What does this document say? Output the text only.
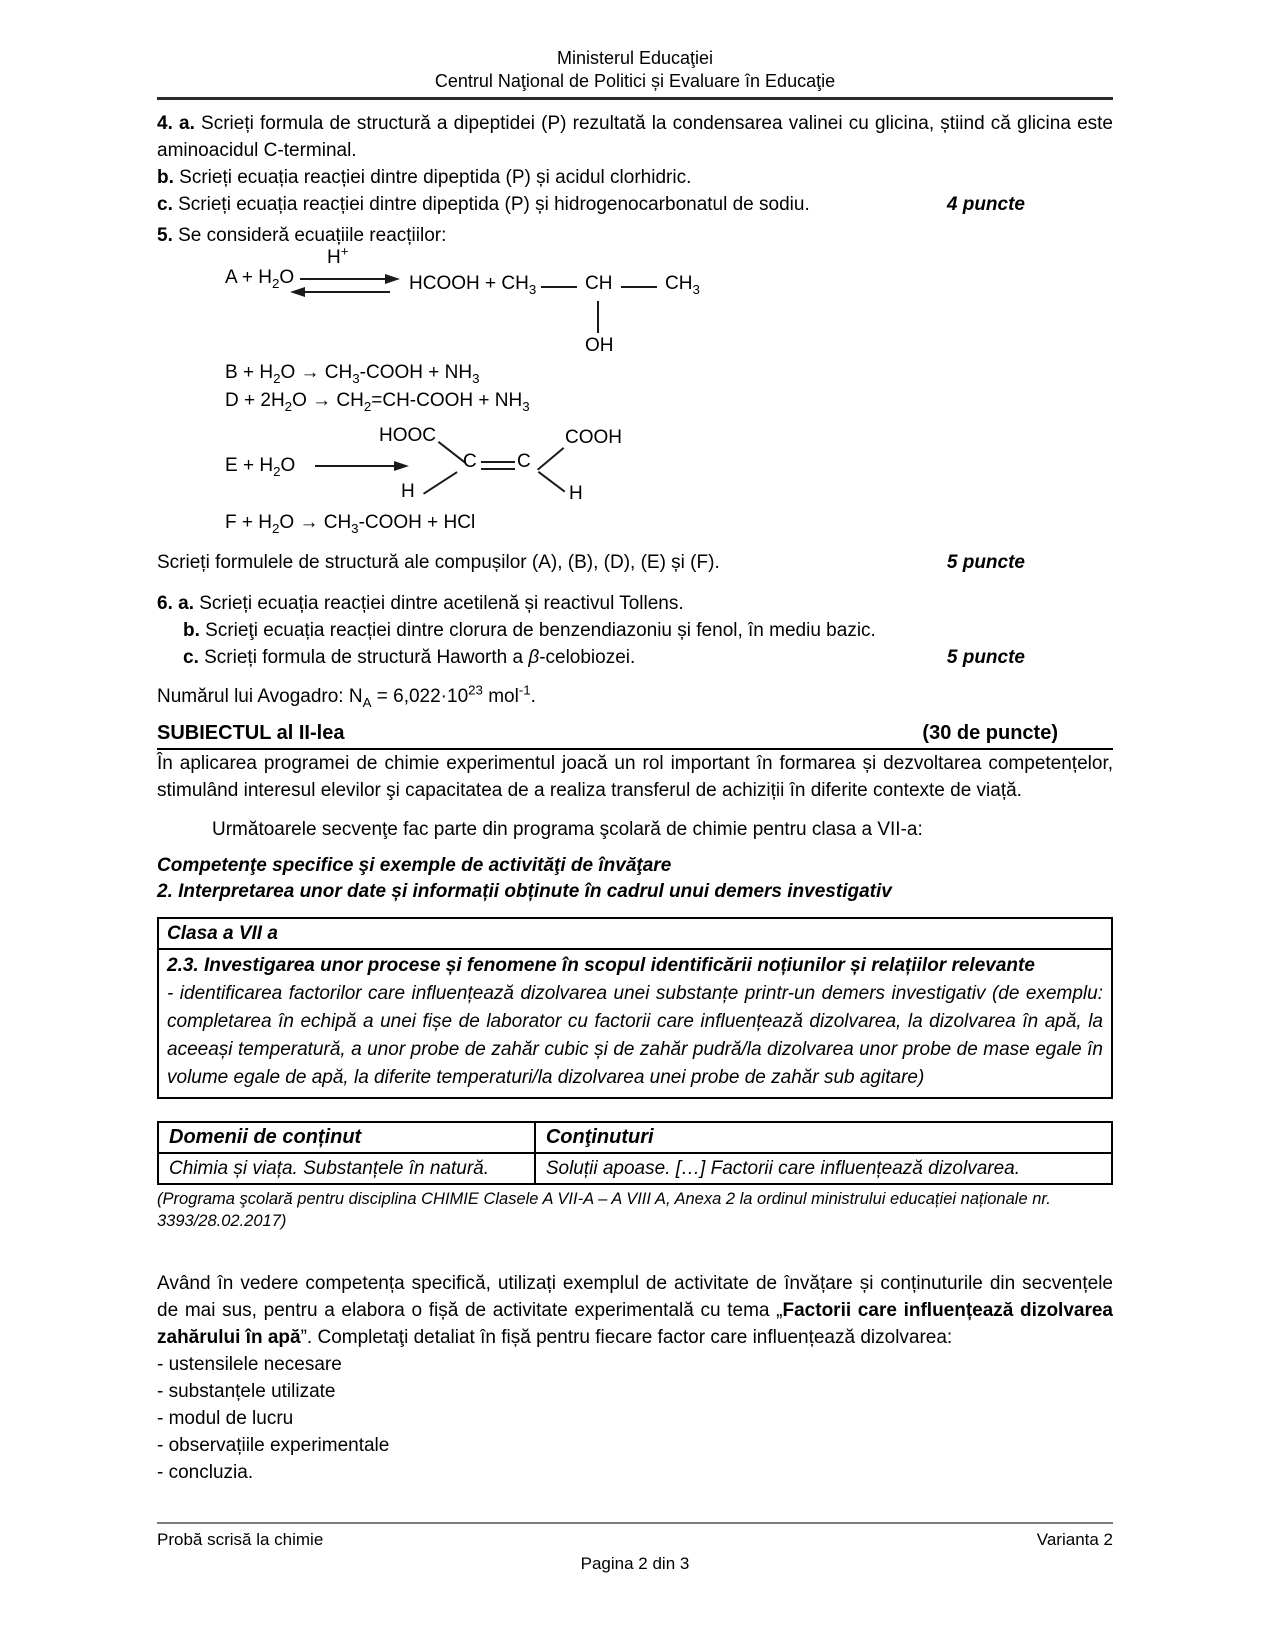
Ministerul Educaţiei
Centrul Naţional de Politici și Evaluare în Educaţie

4. a. Scrieți formula de structură a dipeptidei (P) rezultată la condensarea valinei cu glicina, știind că glicina este aminoacidul C-terminal.

b. Scrieți ecuația reacției dintre dipeptida (P) și acidul clorhidric.

c. Scrieți ecuația reacției dintre dipeptida (P) și hidrogenocarbonatul de sodiu.	4 puncte

5. Se consideră ecuațiile reacțiilor:

$A + H_2O$
H+
HCOOH + $CH_3$	CH	$CH_3$
OH

$B + H_2O$ → $CH_3$-COOH + $NH_3$

$D + 2H_2O$ → $CH_2=CH$-COOH + $NH_3$

$E + H_2O$
HOOC	COOH
C C
H	H

$F + H_2O$ → $CH_3$-COOH + HCl

Scrieți formulele de structură ale compușilor (A), (B), (D), (E) și (F).	5 puncte

6. a. Scrieți ecuația reacției dintre acetilenă și reactivul Tollens.

b. Scrieţi ecuația reacției dintre clorura de benzendiazoniu și fenol, în mediu bazic.

c. Scrieți formula de structură Haworth a β-celobiozei.	5 puncte

Numărul lui Avogadro: $N_A = 6,022\cdot 10^{23}$ mol$^{-1}$.

SUBIECTUL al II-lea	(30 de puncte)

În aplicarea programei de chimie experimentul joacă un rol important în formarea și dezvoltarea competențelor, stimulând interesul elevilor şi capacitatea de a realiza transferul de achiziții în diferite contexte de viață.

Următoarele secvenţe fac parte din programa şcolară de chimie pentru clasa a VII-a:

Competenţe specifice şi exemple de activităţi de învăţare

2. Interpretarea unor date și informații obținute în cadrul unui demers investigativ

Clasa a VII a

2.3. Investigarea unor procese și fenomene în scopul identificării noțiunilor și relațiilor relevante

- identificarea factorilor care influențează dizolvarea unei substanțe printr-un demers investigativ (de exemplu: completarea în echipă a unei fișe de laborator cu factorii care influențează dizolvarea, la dizolvarea în apă, la aceeași temperatură, a unor probe de zahăr cubic și de zahăr pudră/la dizolvarea unor probe de mase egale în volume egale de apă, la diferite temperaturi/la dizolvarea unei probe de zahăr sub agitare)

Domenii de conținut	Conţinuturi
Chimia și viața. Substanțele în natură.	Soluții apoase. […] Factorii care influențează dizolvarea.

(Programa şcolară pentru disciplina CHIMIE Clasele A VII-A – A VIII A, Anexa 2 la ordinul ministrului educației naționale nr. 3393/28.02.2017)

Având în vedere competența specifică, utilizați exemplul de activitate de învățare și conținuturile din secvențele de mai sus, pentru a elabora o fișă de activitate experimentală cu tema „Factorii care influențează dizolvarea zahărului în apă”. Completaţi detaliat în fișă pentru fiecare factor care influențează dizolvarea:

- ustensilele necesare

- substanțele utilizate

- modul de lucru

- observațiile experimentale

- concluzia.

Probă scrisă la chimie	Varianta 2
Pagina 2 din 3
